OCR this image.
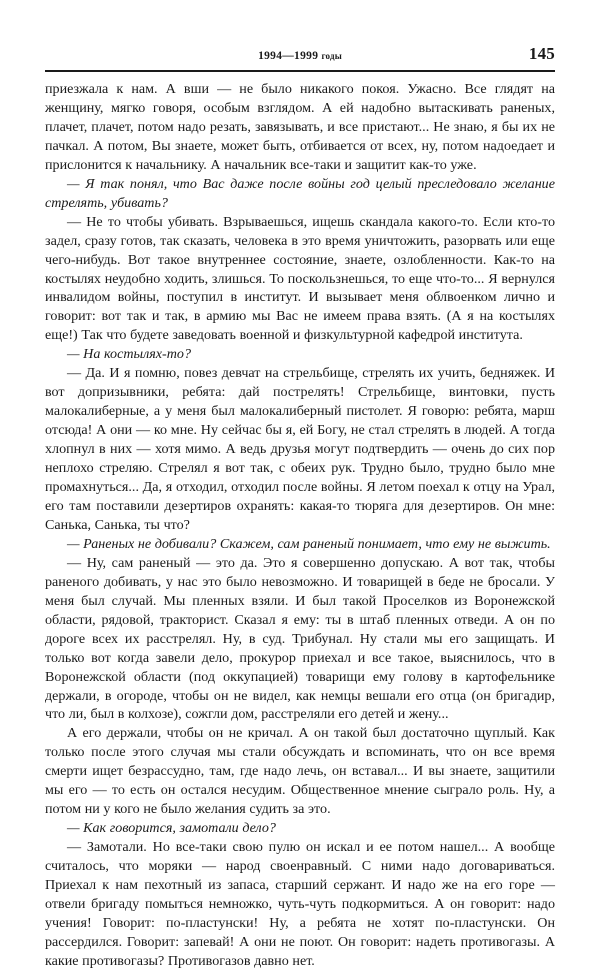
1994—1999 годы	145

приезжала к нам. А вши — не было никакого покоя. Ужасно. Все глядят на женщину, мягко говоря, особым взглядом. А ей надобно вытаскивать раненых, плачет, плачет, потом надо резать, завязывать, и все пристают... Не знаю, я бы их не пачкал. А потом, Вы знаете, может быть, отбивается от всех, ну, потом надоедает и прислонится к начальнику. А начальник все-таки и защитит как-то уже.

— Я так понял, что Вас даже после войны год целый преследовало желание стрелять, убивать?

— Не то чтобы убивать. Взрываешься, ищешь скандала какого-то. Если кто-то задел, сразу готов, так сказать, человека в это время уничтожить, разорвать или еще чего-нибудь. Вот такое внутреннее состояние, знаете, озлобленности. Как-то на костылях неудобно ходить, злишься. То поскользнешься, то еще что-то... Я вернулся инвалидом войны, поступил в институт. И вызывает меня облвоенком лично и говорит: вот так и так, в армию мы Вас не имеем права взять. (А я на костылях еще!) Так что будете заведовать военной и физкультурной кафедрой института.

— На костылях-то?

— Да. И я помню, повез девчат на стрельбище, стрелять их учить, бедняжек. И вот допризывники, ребята: дай пострелять! Стрельбище, винтовки, пусть малокалиберные, а у меня был малокалиберный пистолет. Я говорю: ребята, марш отсюда! А они — ко мне. Ну сейчас бы я, ей Богу, не стал стрелять в людей. А тогда хлопнул в них — хотя мимо. А ведь друзья могут подтвердить — очень до сих пор неплохо стреляю. Стрелял я вот так, с обеих рук. Трудно было, трудно было мне промахнуться... Да, я отходил, отходил после войны. Я летом поехал к отцу на Урал, его там поставили дезертиров охранять: какая-то тюряга для дезертиров. Он мне: Санька, Санька, ты что?

— Раненых не добивали? Скажем, сам раненый понимает, что ему не выжить.

— Ну, сам раненый — это да. Это я совершенно допускаю. А вот так, чтобы раненого добивать, у нас это было невозможно. И товарищей в беде не бросали. У меня был случай. Мы пленных взяли. И был такой Проселков из Воронежской области, рядовой, тракторист. Сказал я ему: ты в штаб пленных отведи. А он по дороге всех их расстрелял. Ну, в суд. Трибунал. Ну стали мы его защищать. И только вот когда завели дело, прокурор приехал и все такое, выяснилось, что в Воронежской области (под оккупацией) товарищи ему голову в картофельнике держали, в огороде, чтобы он не видел, как немцы вешали его отца (он бригадир, что ли, был в колхозе), сожгли дом, расстреляли его детей и жену...

А его держали, чтобы он не кричал. А он такой был достаточно щуплый. Как только после этого случая мы стали обсуждать и вспоминать, что он все время смерти ищет безрассудно, там, где надо лечь, он вставал... И вы знаете, защитили мы его — то есть он остался несудим. Общественное мнение сыграло роль. Ну, а потом ни у кого не было желания судить за это.

— Как говорится, замотали дело?

— Замотали. Но все-таки свою пулю он искал и ее потом нашел... А вообще считалось, что моряки — народ своенравный. С ними надо договариваться. Приехал к нам пехотный из запаса, старший сержант. И надо же на его горе — отвели бригаду помыться немножко, чуть-чуть подкормиться. А он говорит: надо учения! Говорит: по-пластунски! Ну, а ребята не хотят по-пластунски. Он рассердился. Говорит: запевай! А они не поют. Он говорит: надеть противогазы. А какие противогазы? Противогазов давно нет.
